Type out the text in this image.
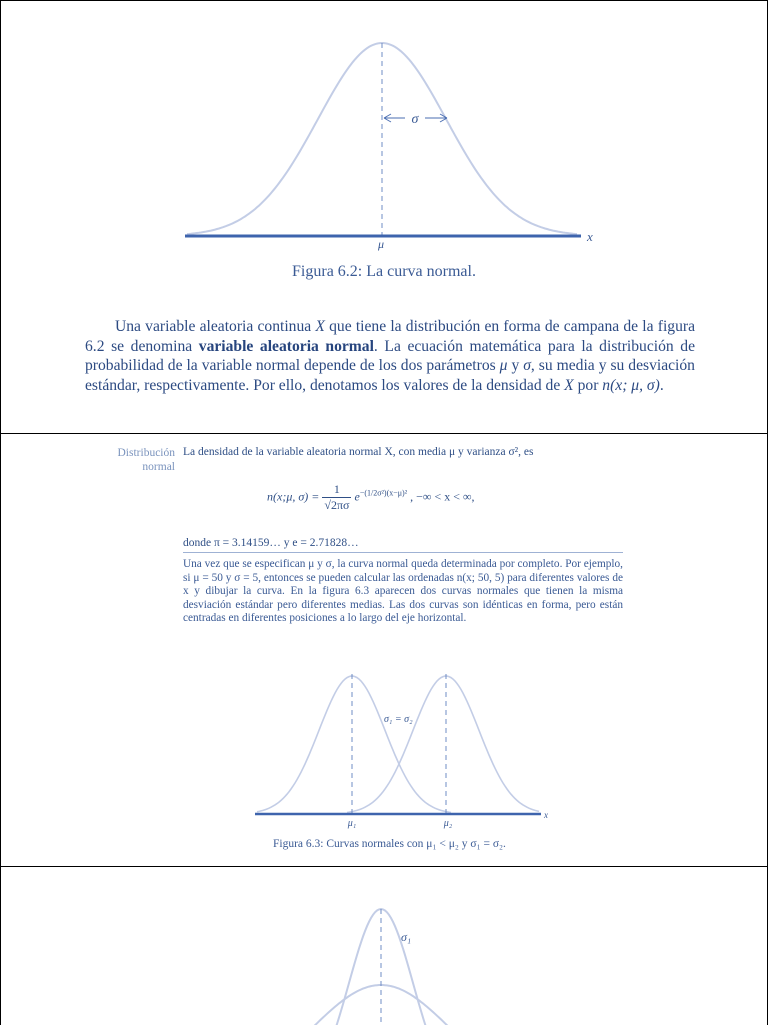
σ
μ	x
Figura 6.2: La curva normal.
Una variable aleatoria continua X que tiene la distribución en forma de campana de la figura 6.2 se denomina variable aleatoria normal. La ecuación matemática para la distribución de probabilidad de la variable normal depende de los dos parámetros μ y σ, su media y su desviación estándar, respectivamente. Por ello, denotamos los valores de la densidad de X por n(x; μ, σ).
Distribución normal
La densidad de la variable aleatoria normal X, con media μ y varianza σ², es
n(x;μ, $\sigma) = \frac{1}{√2\pi\sigma} e^{-(1/2\sigma^2)(x-\mu)^2}$ , −∞ < x < ∞,
donde π = 3.14159… y e = 2.71828…
Una vez que se especifican μ y σ, la curva normal queda determinada por completo. Por ejemplo, si μ = 50 y σ = 5, entonces se pueden calcular las ordenadas n(x; 50, 5) para diferentes valores de x y dibujar la curva. En la figura 6.3 aparecen dos curvas normales que tienen la misma desviación estándar pero diferentes medias. Las dos curvas son idénticas en forma, pero están centradas en diferentes posiciones a lo largo del eje horizontal.
σ₁ = σ₂
μ₁	μ₂
x
Figura 6.3: Curvas normales con μ₁ < μ₂ y σ₁ = σ₂.
σ₁
